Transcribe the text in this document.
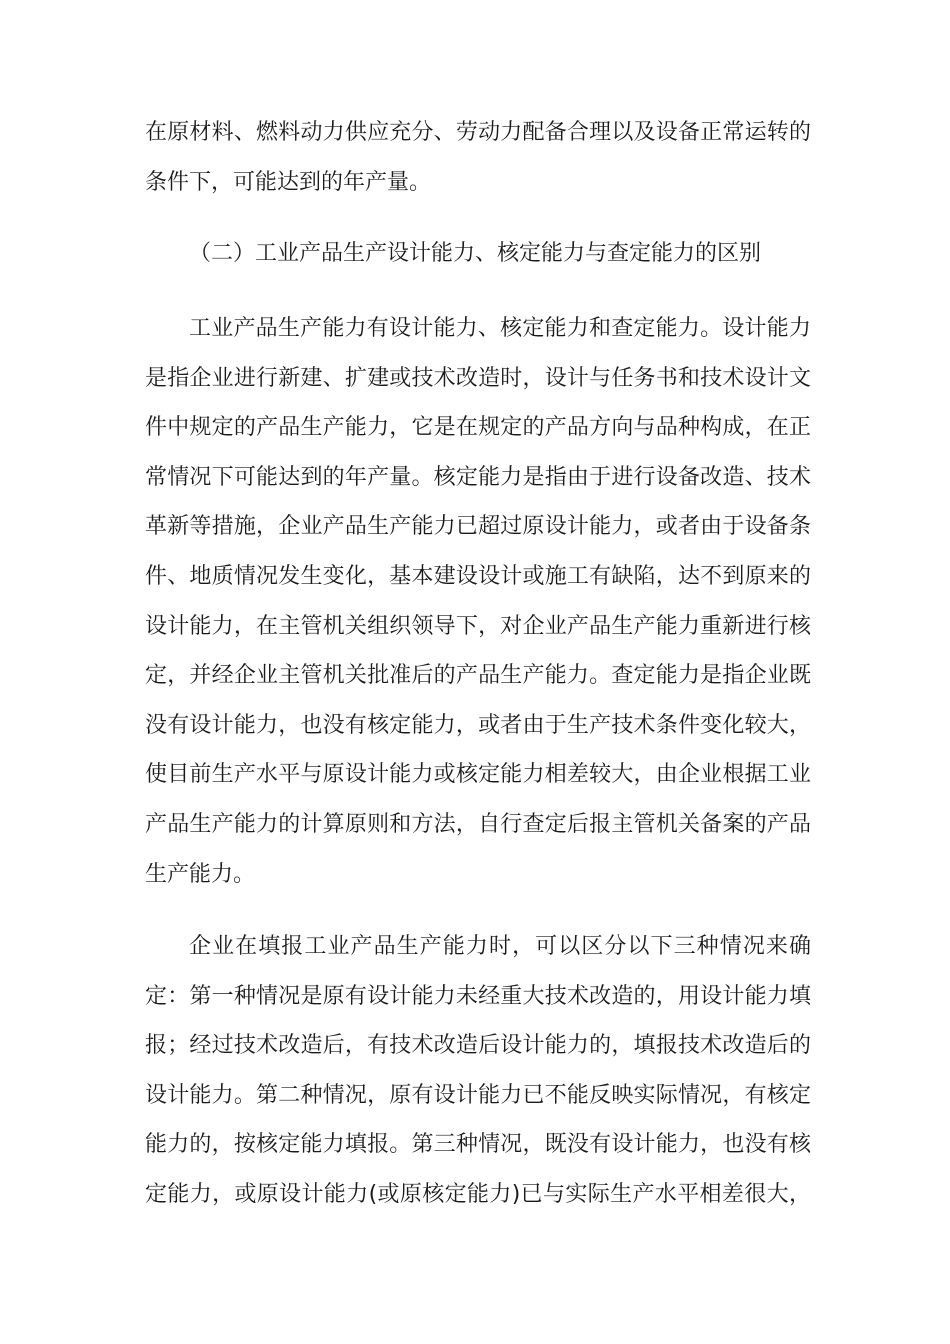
在原材料、燃料动力供应充分、劳动力配备合理以及设备正常运转的
条件下，可能达到的年产量。
（二）工业产品生产设计能力、核定能力与查定能力的区别
工业产品生产能力有设计能力、核定能力和查定能力。设计能力
是指企业进行新建、扩建或技术改造时，设计与任务书和技术设计文
件中规定的产品生产能力，它是在规定的产品方向与品种构成，在正
常情况下可能达到的年产量。核定能力是指由于进行设备改造、技术
革新等措施，企业产品生产能力已超过原设计能力，或者由于设备条
件、地质情况发生变化，基本建设设计或施工有缺陷，达不到原来的
设计能力，在主管机关组织领导下，对企业产品生产能力重新进行核
定，并经企业主管机关批准后的产品生产能力。查定能力是指企业既
没有设计能力，也没有核定能力，或者由于生产技术条件变化较大，
使目前生产水平与原设计能力或核定能力相差较大，由企业根据工业
产品生产能力的计算原则和方法，自行查定后报主管机关备案的产品
生产能力。
企业在填报工业产品生产能力时，可以区分以下三种情况来确
定：第一种情况是原有设计能力未经重大技术改造的，用设计能力填
报；经过技术改造后，有技术改造后设计能力的，填报技术改造后的
设计能力。第二种情况，原有设计能力已不能反映实际情况，有核定
能力的，按核定能力填报。第三种情况，既没有设计能力，也没有核
定能力，或原设计能力(或原核定能力)已与实际生产水平相差很大，
